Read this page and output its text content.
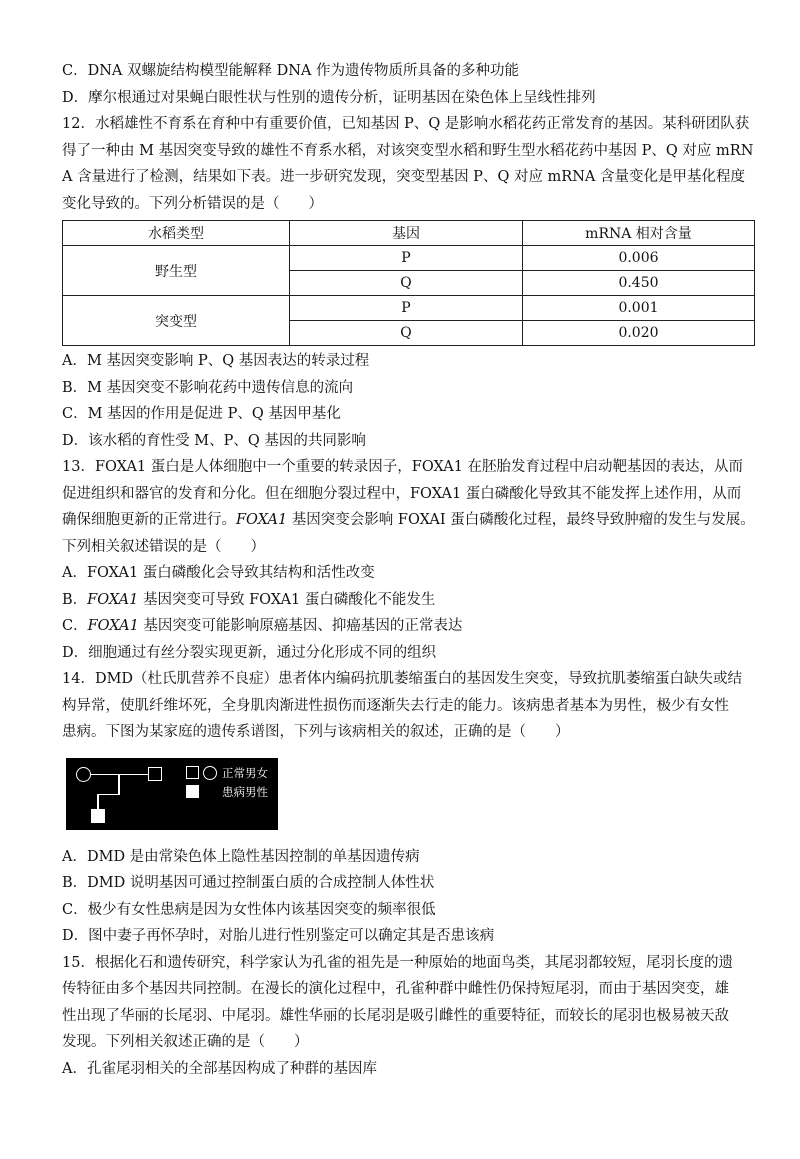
C．DNA 双螺旋结构模型能解释 DNA 作为遗传物质所具备的多种功能
D．摩尔根通过对果蝇白眼性状与性别的遗传分析，证明基因在染色体上呈线性排列
12．水稻雄性不育系在育种中有重要价值，已知基因 P、Q 是影响水稻花药正常发育的基因。某科研团队获
得了一种由 M 基因突变导致的雄性不育系水稻，对该突变型水稻和野生型水稻花药中基因 P、Q 对应 mRN
A 含量进行了检测，结果如下表。进一步研究发现，突变型基因 P、Q 对应 mRNA 含量变化是甲基化程度
变化导致的。下列分析错误的是（　　）
水稻类型	基因	mRNA 相对含量
野生型	P	0.006
	Q	0.450
突变型	P	0.001
	Q	0.020
A．M 基因突变影响 P、Q 基因表达的转录过程
B．M 基因突变不影响花药中遗传信息的流向
C．M 基因的作用是促进 P、Q 基因甲基化
D．该水稻的育性受 M、P、Q 基因的共同影响
13．FOXA1 蛋白是人体细胞中一个重要的转录因子，FOXA1 在胚胎发育过程中启动靶基因的表达，从而
促进组织和器官的发育和分化。但在细胞分裂过程中，FOXA1 蛋白磷酸化导致其不能发挥上述作用，从而
确保细胞更新的正常进行。FOXA1 基因突变会影响 FOXAI 蛋白磷酸化过程，最终导致肿瘤的发生与发展。
下列相关叙述错误的是（　　）
A．FOXA1 蛋白磷酸化会导致其结构和活性改变
B．FOXA1 基因突变可导致 FOXA1 蛋白磷酸化不能发生
C．FOXA1 基因突变可能影响原癌基因、抑癌基因的正常表达
D．细胞通过有丝分裂实现更新，通过分化形成不同的组织
14．DMD（杜氏肌营养不良症）患者体内编码抗肌萎缩蛋白的基因发生突变，导致抗肌萎缩蛋白缺失或结
构异常，使肌纤维坏死，全身肌肉渐进性损伤而逐渐失去行走的能力。该病患者基本为男性，极少有女性
患病。下图为某家庭的遗传系谱图，下列与该病相关的叙述，正确的是（　　）
正常男女
患病男性
A．DMD 是由常染色体上隐性基因控制的单基因遗传病
B．DMD 说明基因可通过控制蛋白质的合成控制人体性状
C．极少有女性患病是因为女性体内该基因突变的频率很低
D．图中妻子再怀孕时，对胎儿进行性别鉴定可以确定其是否患该病
15．根据化石和遗传研究，科学家认为孔雀的祖先是一种原始的地面鸟类，其尾羽都较短，尾羽长度的遗
传特征由多个基因共同控制。在漫长的演化过程中，孔雀种群中雌性仍保持短尾羽，而由于基因突变，雄
性出现了华丽的长尾羽、中尾羽。雄性华丽的长尾羽是吸引雌性的重要特征，而较长的尾羽也极易被天敌
发现。下列相关叙述正确的是（　　）
A．孔雀尾羽相关的全部基因构成了种群的基因库
